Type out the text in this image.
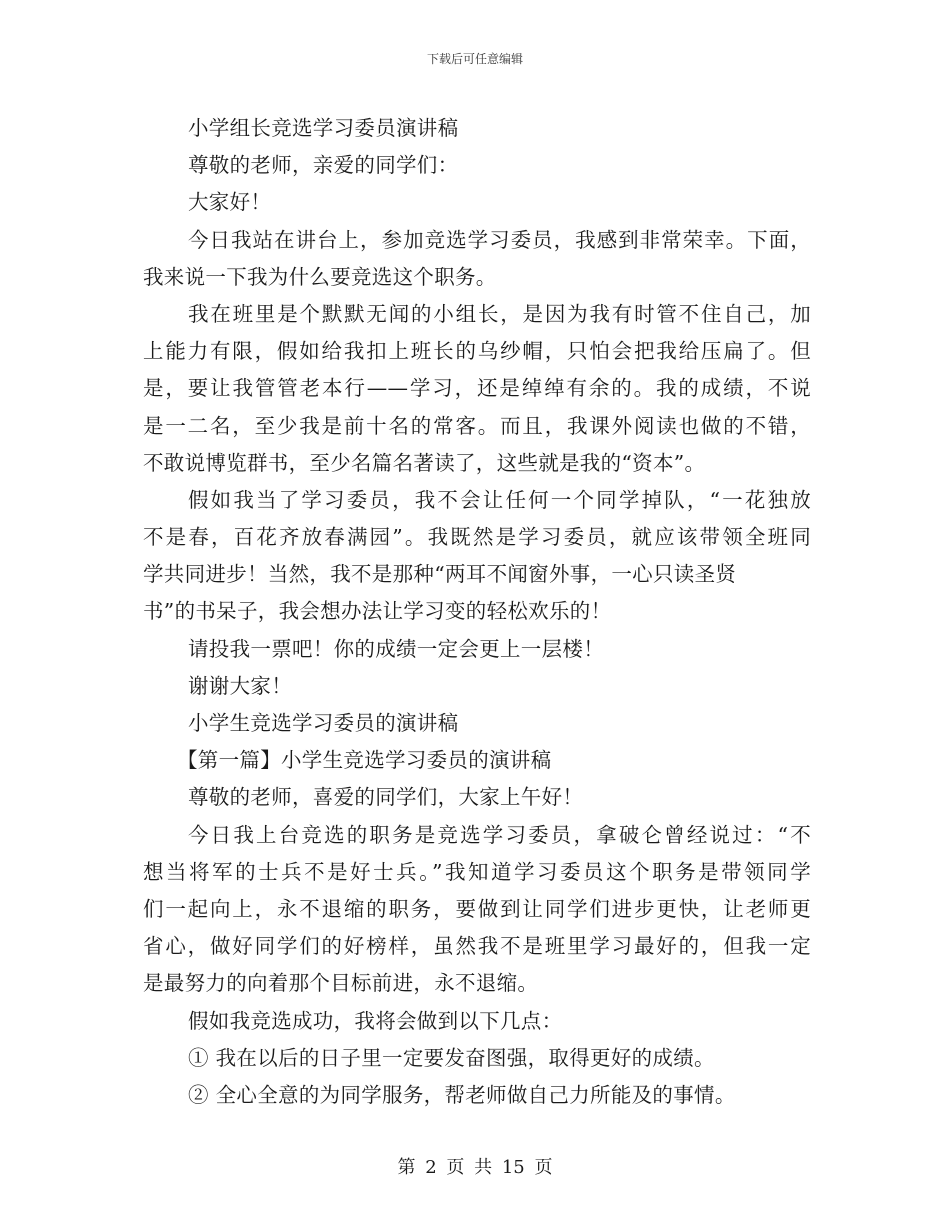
下载后可任意编辑
小学组长竞选学习委员演讲稿
尊敬的老师，亲爱的同学们：
大家好！
今日我站在讲台上，参加竞选学习委员，我感到非常荣幸。下面，
我来说一下我为什么要竞选这个职务。
我在班里是个默默无闻的小组长，是因为我有时管不住自己，加
上能力有限，假如给我扣上班长的乌纱帽，只怕会把我给压扁了。但
是，要让我管管老本行——学习，还是绰绰有余的。我的成绩，不说
是一二名，至少我是前十名的常客。而且，我课外阅读也做的不错，
不敢说博览群书，至少名篇名著读了，这些就是我的“资本”。
假如我当了学习委员，我不会让任何一个同学掉队，“一花独放
不是春，百花齐放春满园”。我既然是学习委员，就应该带领全班同
学共同进步！当然，我不是那种“两耳不闻窗外事，一心只读圣贤
书”的书呆子，我会想办法让学习变的轻松欢乐的！
请投我一票吧！你的成绩一定会更上一层楼！
谢谢大家！
小学生竞选学习委员的演讲稿
【第一篇】小学生竞选学习委员的演讲稿
尊敬的老师，喜爱的同学们，大家上午好！
今日我上台竞选的职务是竞选学习委员，拿破仑曾经说过：“不
想当将军的士兵不是好士兵。”我知道学习委员这个职务是带领同学
们一起向上，永不退缩的职务，要做到让同学们进步更快，让老师更
省心，做好同学们的好榜样，虽然我不是班里学习最好的，但我一定
是最努力的向着那个目标前进，永不退缩。
假如我竞选成功，我将会做到以下几点：
① 我在以后的日子里一定要发奋图强，取得更好的成绩。
② 全心全意的为同学服务，帮老师做自己力所能及的事情。
第 2 页 共 15 页
